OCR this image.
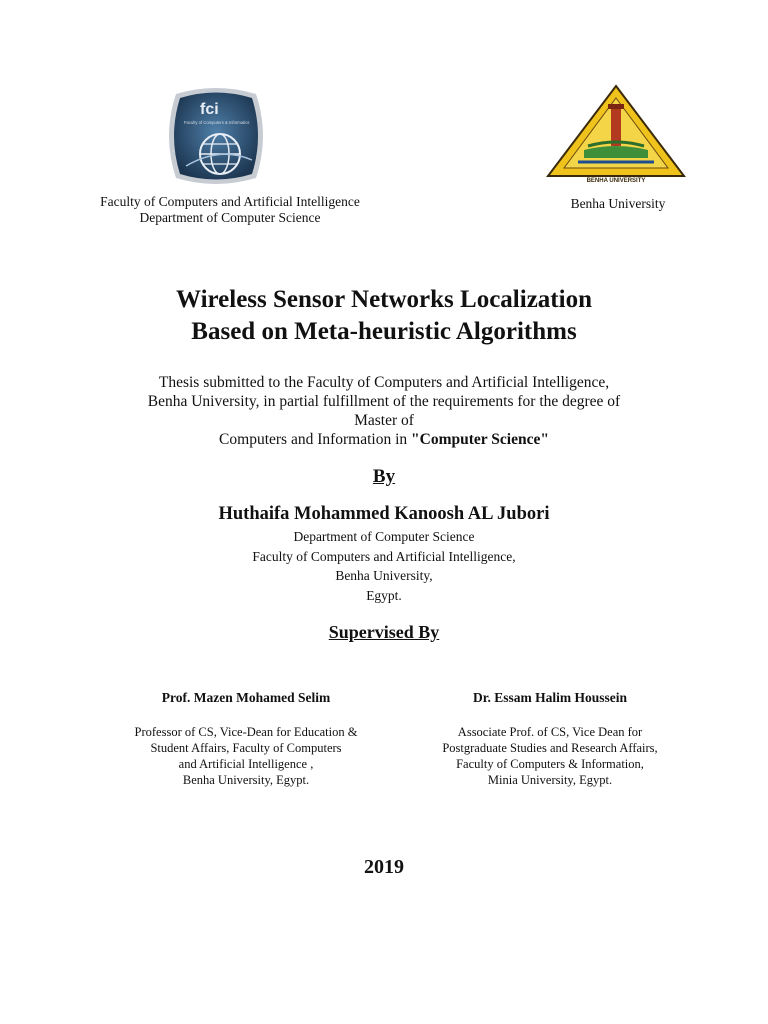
fci
Faculty of Computers & Informatics
BENHA UNIVERSITY
Faculty of Computers and Artificial Intelligence
Department of Computer Science
Benha University
Wireless Sensor Networks Localization
Based on Meta-heuristic Algorithms
Thesis submitted to the Faculty of Computers and Artificial Intelligence,
Benha University, in partial fulfillment of the requirements for the degree of
Master of
Computers and Information in "Computer Science"
By
Huthaifa Mohammed Kanoosh AL Jubori
Department of Computer Science
Faculty of Computers and Artificial Intelligence,
Benha University,
Egypt.
Supervised By
Prof. Mazen Mohamed Selim
Professor of CS, Vice-Dean for Education &
Student Affairs, Faculty of Computers
and Artificial Intelligence ,
Benha University, Egypt.
Dr. Essam Halim Houssein
Associate Prof. of CS, Vice Dean for
Postgraduate Studies and Research Affairs,
Faculty of Computers & Information,
Minia University, Egypt.
2019
